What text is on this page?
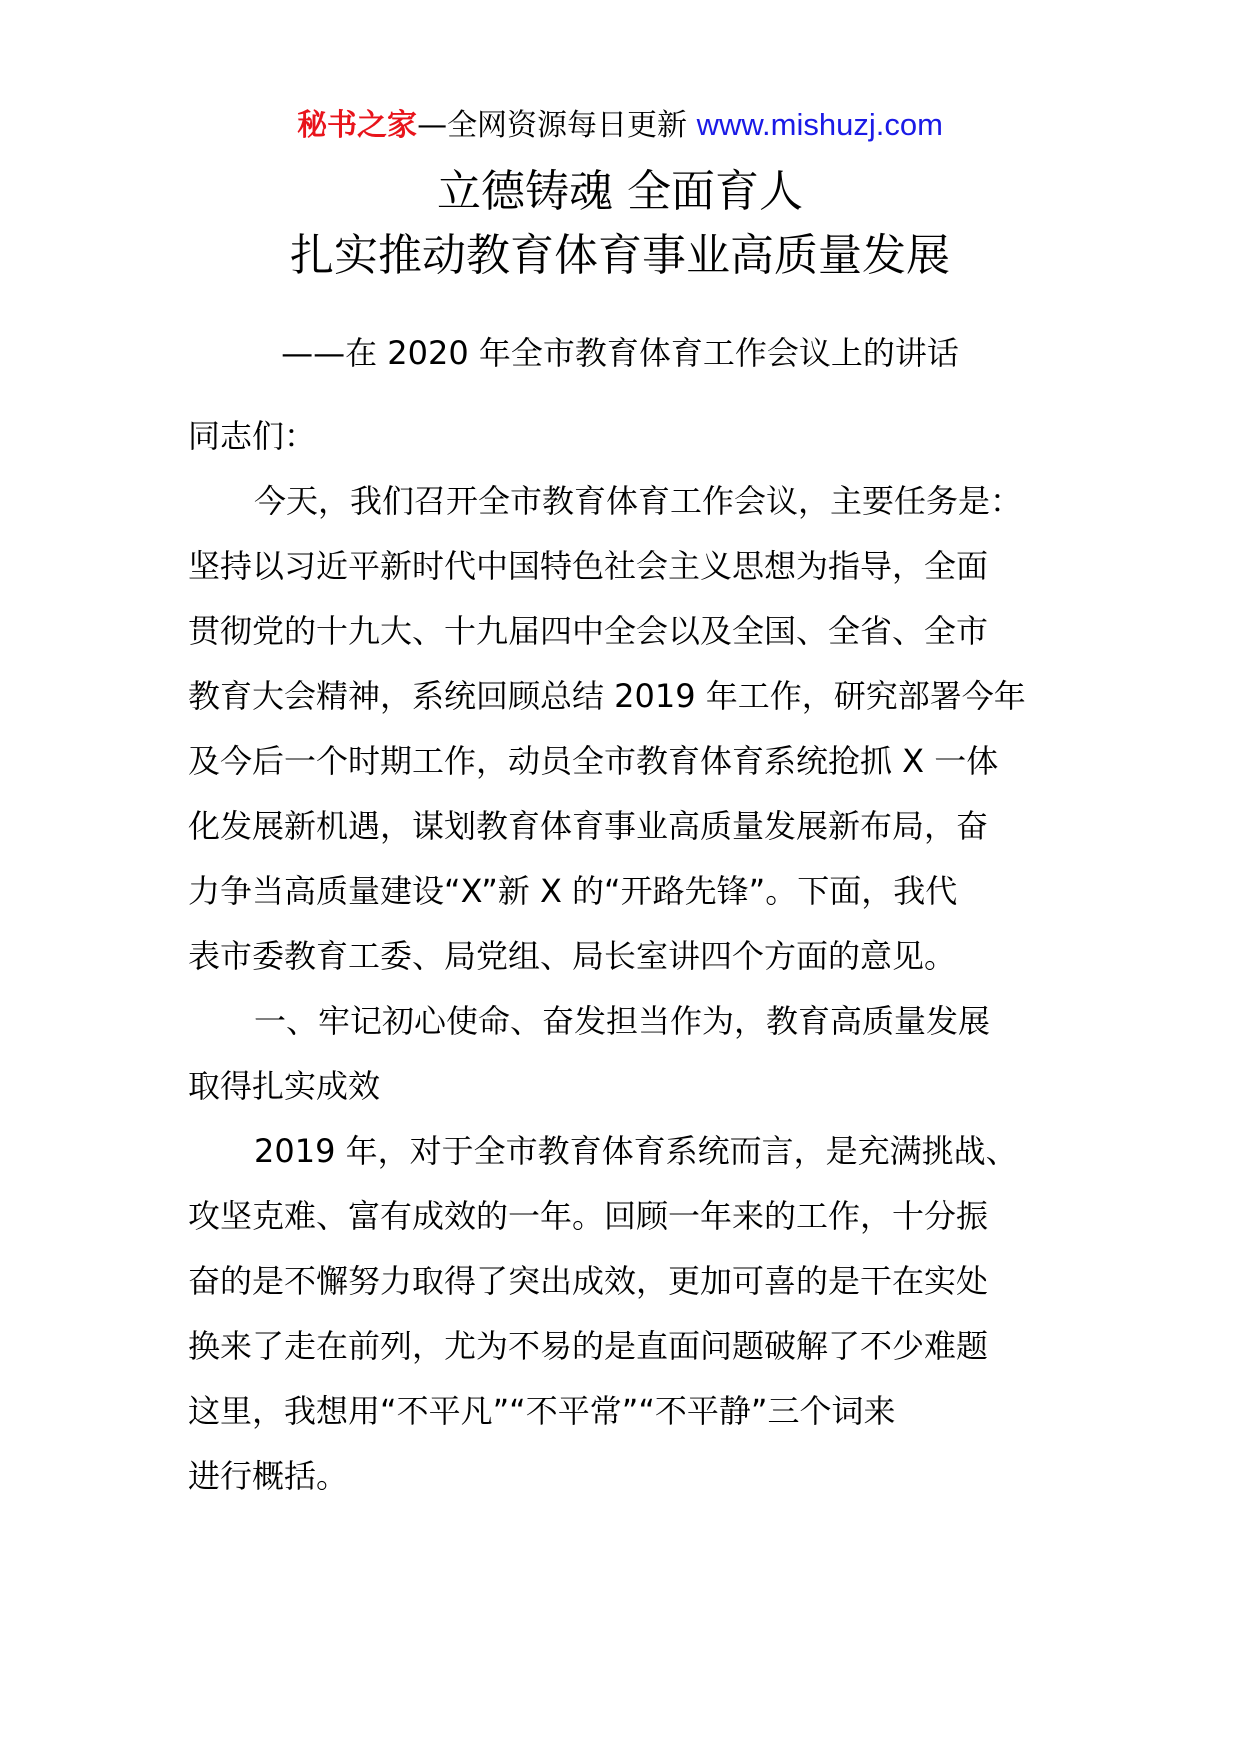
秘书之家—全网资源每日更新 www.mishuzj.com
立德铸魂 全面育人
扎实推动教育体育事业高质量发展
——在 2020 年全市教育体育工作会议上的讲话
同志们：
今天，我们召开全市教育体育工作会议，主要任务是：
坚持以习近平新时代中国特色社会主义思想为指导，全面
贯彻党的十九大、十九届四中全会以及全国、全省、全市
教育大会精神，系统回顾总结 2019 年工作，研究部署今年
及今后一个时期工作，动员全市教育体育系统抢抓 X 一体
化发展新机遇，谋划教育体育事业高质量发展新布局，奋
力争当高质量建设“X”新 X 的“开路先锋”。下面，我代
表市委教育工委、局党组、局长室讲四个方面的意见。
一、牢记初心使命、奋发担当作为，教育高质量发展
取得扎实成效
2019 年，对于全市教育体育系统而言，是充满挑战、
攻坚克难、富有成效的一年。回顾一年来的工作，十分振
奋的是不懈努力取得了突出成效，更加可喜的是干在实处
换来了走在前列，尤为不易的是直面问题破解了不少难题
这里，我想用“不平凡”“不平常”“不平静”三个词来
进行概括。
